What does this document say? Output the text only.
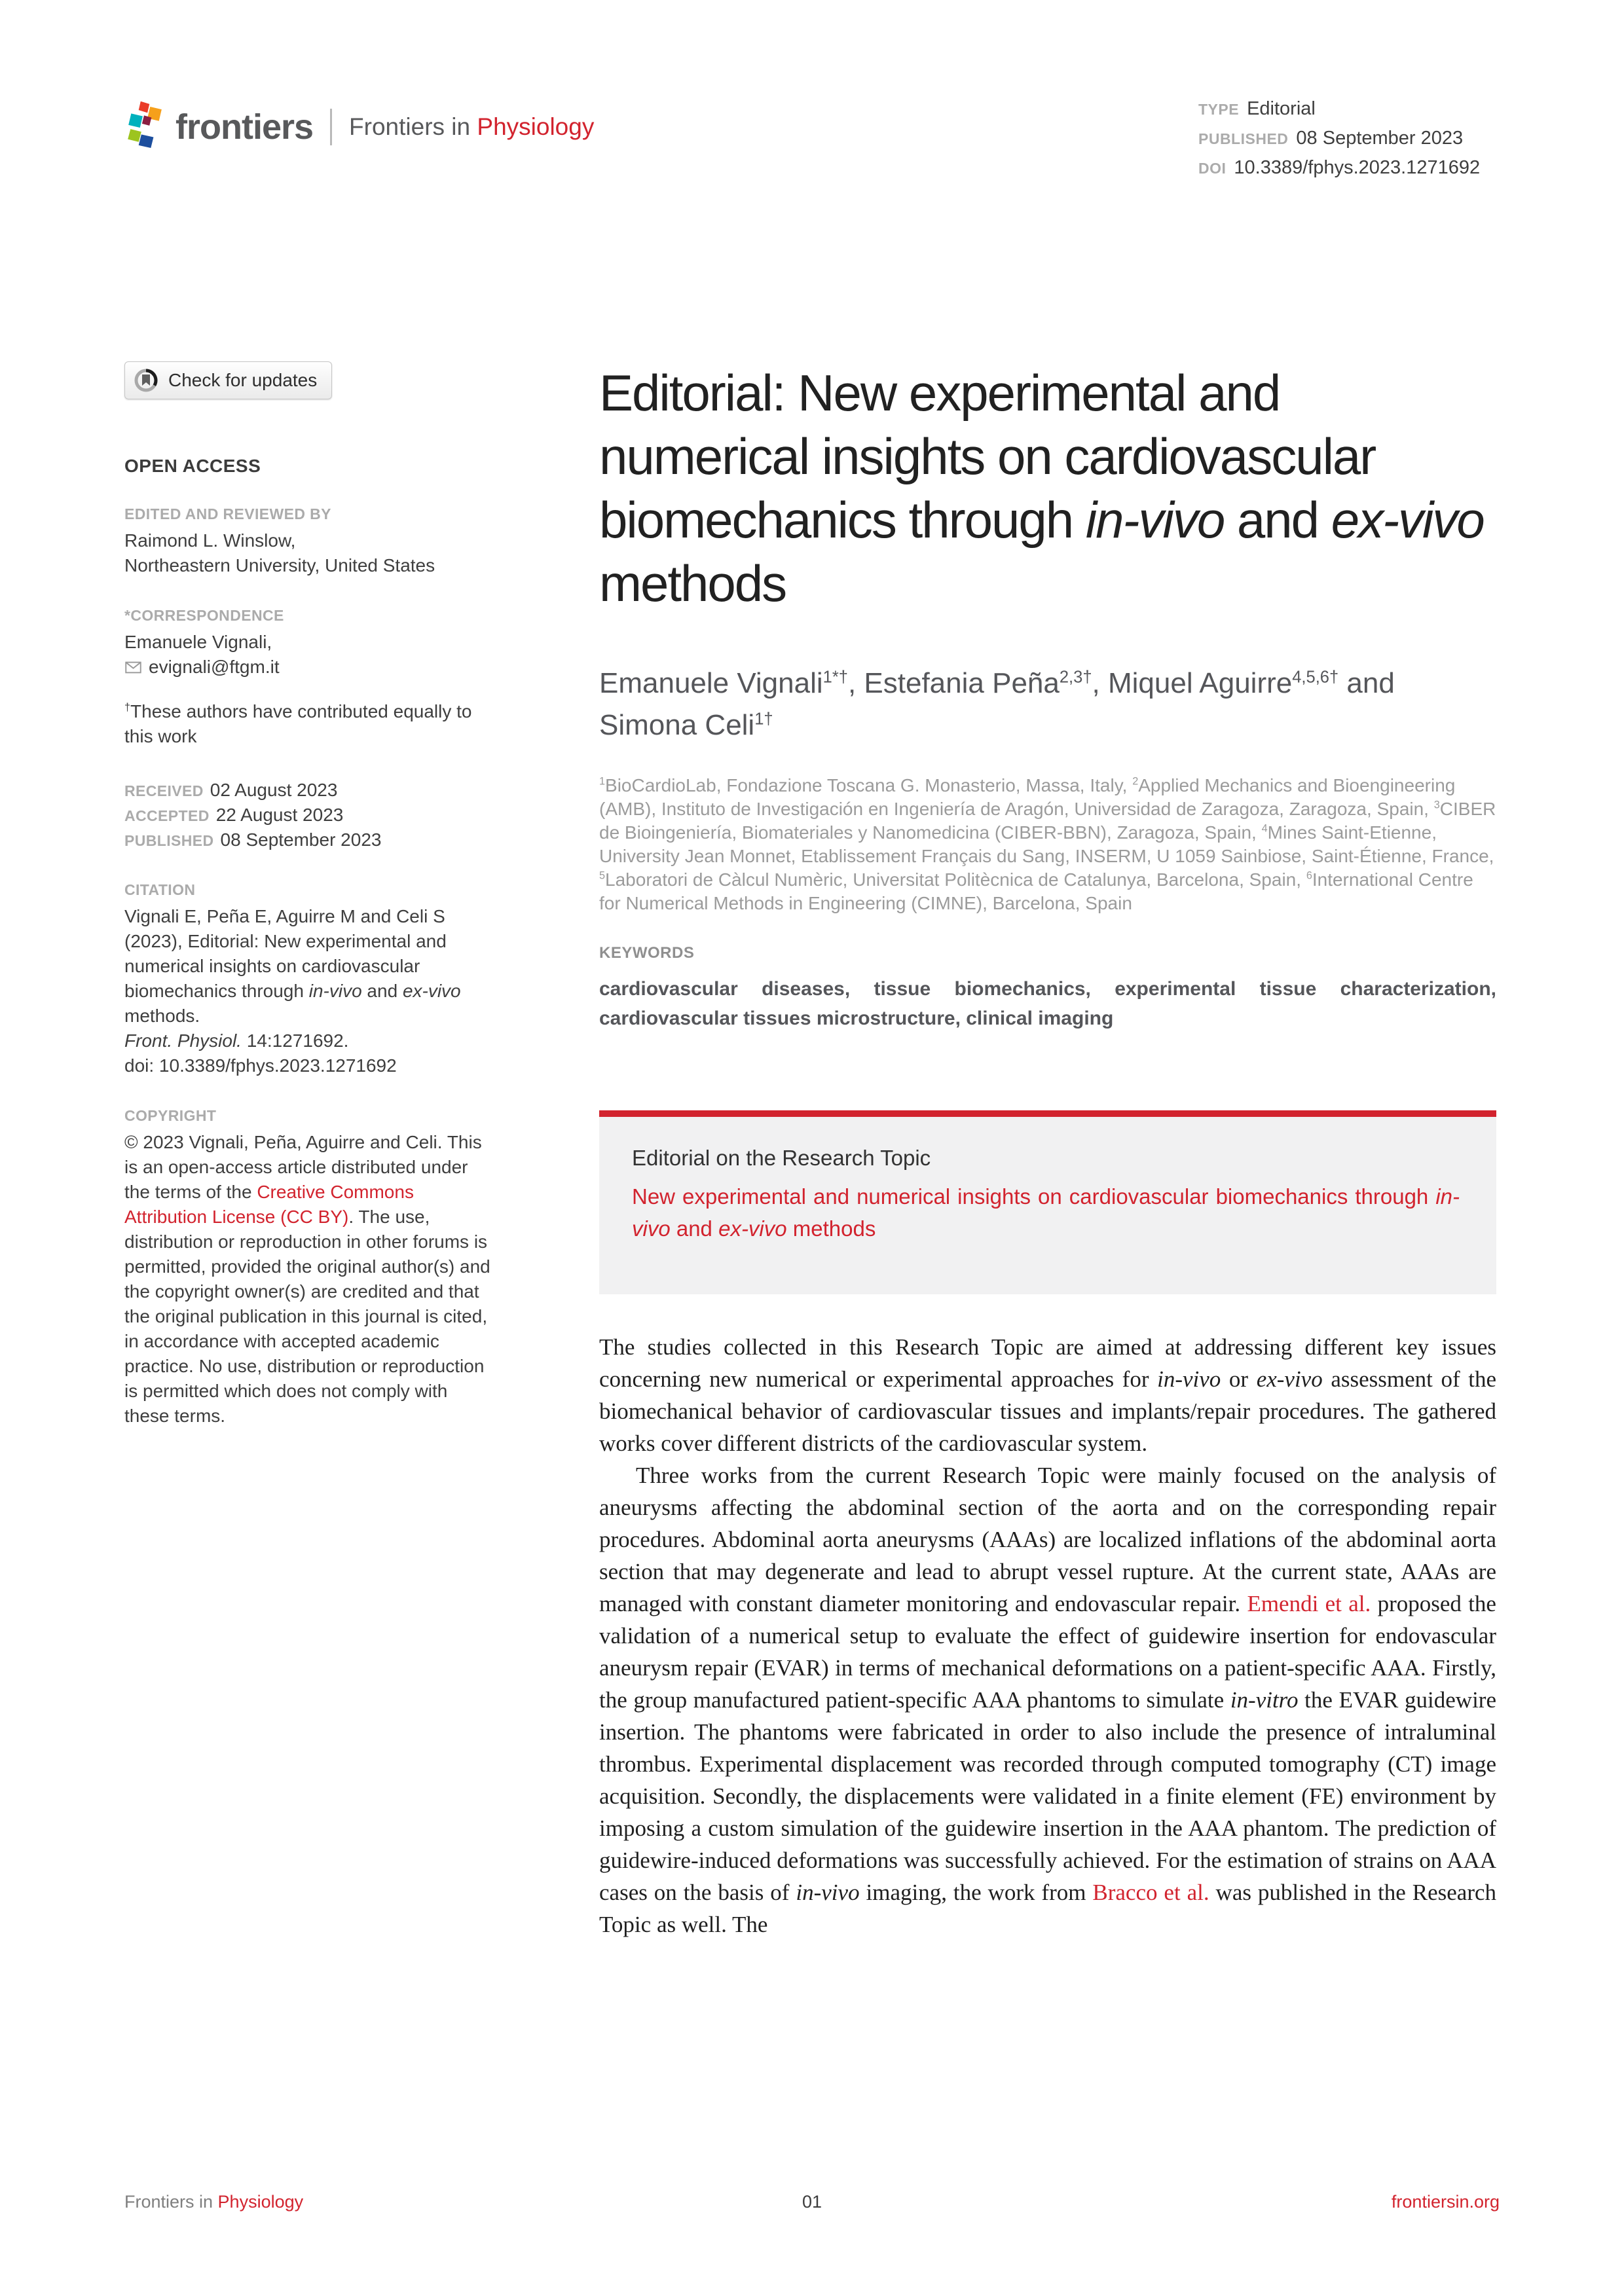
frontiers Frontiers in Physiology
TYPE Editorial
PUBLISHED 08 September 2023
DOI 10.3389/fphys.2023.1271692
Check for updates
OPEN ACCESS
EDITED AND REVIEWED BY
Raimond L. Winslow,
Northeastern University, United States
*CORRESPONDENCE
Emanuele Vignali,
evignali@ftgm.it
†These authors have contributed equally to this work
RECEIVED 02 August 2023
ACCEPTED 22 August 2023
PUBLISHED 08 September 2023
CITATION
Vignali E, Peña E, Aguirre M and Celi S (2023), Editorial: New experimental and numerical insights on cardiovascular biomechanics through in-vivo and ex-vivo methods.
Front. Physiol. 14:1271692.
doi: 10.3389/fphys.2023.1271692
COPYRIGHT
© 2023 Vignali, Peña, Aguirre and Celi. This is an open-access article distributed under the terms of the Creative Commons Attribution License (CC BY). The use, distribution or reproduction in other forums is permitted, provided the original author(s) and the copyright owner(s) are credited and that the original publication in this journal is cited, in accordance with accepted academic practice. No use, distribution or reproduction is permitted which does not comply with these terms.
Editorial: New experimental and numerical insights on cardiovascular biomechanics through in-vivo and ex-vivo methods
Emanuele Vignali$^{1*\dagger}$, Estefania Peña$^{2,3\dagger}$, Miquel Aguirre$^{4,5,6\dagger}$ and Simona Celi$^{1\dagger}$
$^1$BioCardioLab, Fondazione Toscana G. Monasterio, Massa, Italy, $^2$Applied Mechanics and Bioengineering (AMB), Instituto de Investigación en Ingeniería de Aragón, Universidad de Zaragoza, Zaragoza, Spain, $^3$CIBER de Bioingeniería, Biomateriales y Nanomedicina (CIBER-BBN), Zaragoza, Spain, $^4$Mines Saint-Etienne, University Jean Monnet, Etablissement Français du Sang, INSERM, U 1059 Sainbiose, Saint-Étienne, France, $^5$Laboratori de Càlcul Numèric, Universitat Politècnica de Catalunya, Barcelona, Spain, $^6$International Centre for Numerical Methods in Engineering (CIMNE), Barcelona, Spain
KEYWORDS
cardiovascular diseases, tissue biomechanics, experimental tissue characterization, cardiovascular tissues microstructure, clinical imaging
Editorial on the Research Topic
New experimental and numerical insights on cardiovascular biomechanics through in-vivo and ex-vivo methods

The studies collected in this Research Topic are aimed at addressing different key issues concerning new numerical or experimental approaches for in-vivo or ex-vivo assessment of the biomechanical behavior of cardiovascular tissues and implants/repair procedures. The gathered works cover different districts of the cardiovascular system.

Three works from the current Research Topic were mainly focused on the analysis of aneurysms affecting the abdominal section of the aorta and on the corresponding repair procedures. Abdominal aorta aneurysms (AAAs) are localized inflations of the abdominal aorta section that may degenerate and lead to abrupt vessel rupture. At the current state, AAAs are managed with constant diameter monitoring and endovascular repair. Emendi et al. proposed the validation of a numerical setup to evaluate the effect of guidewire insertion for endovascular aneurysm repair (EVAR) in terms of mechanical deformations on a patient-specific AAA. Firstly, the group manufactured patient-specific AAA phantoms to simulate in-vitro the EVAR guidewire insertion. The phantoms were fabricated in order to also include the presence of intraluminal thrombus. Experimental displacement was recorded through computed tomography (CT) image acquisition. Secondly, the displacements were validated in a finite element (FE) environment by imposing a custom simulation of the guidewire insertion in the AAA phantom. The prediction of guidewire-induced deformations was successfully achieved. For the estimation of strains on AAA cases on the basis of in-vivo imaging, the work from Bracco et al. was published in the Research Topic as well. The

Frontiers in Physiology	01	frontiersin.org
